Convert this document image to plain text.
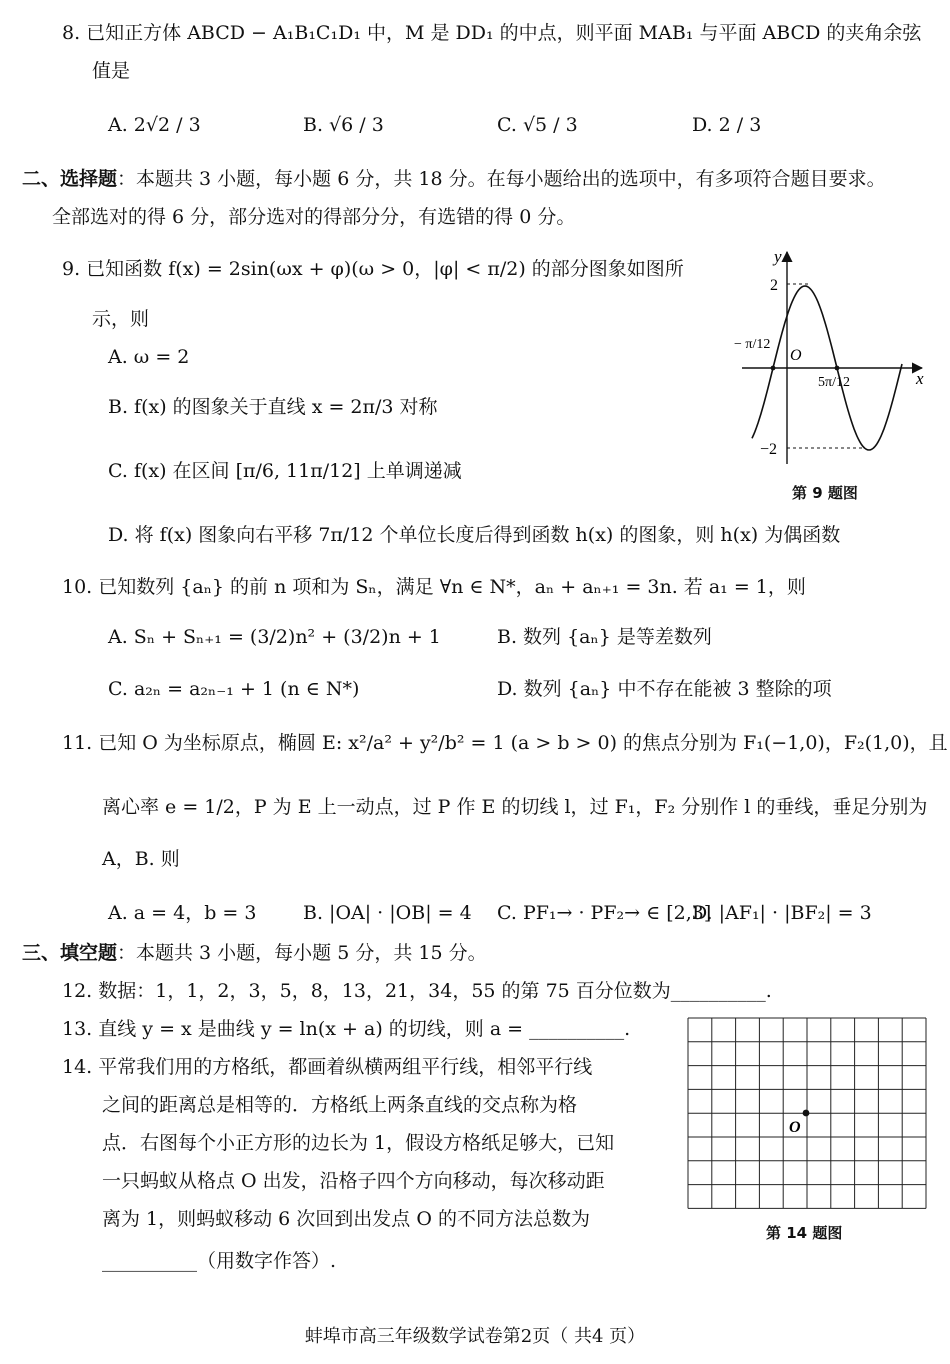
8. 已知正方体 ABCD − A₁B₁C₁D₁ 中，M 是 DD₁ 的中点，则平面 MAB₁ 与平面 ABCD 的夹角余弦
值是
A. 2√2 / 3	B. √6 / 3	C. √5 / 3	D. 2 / 3
二、选择题：本题共 3 小题，每小题 6 分，共 18 分。在每小题给出的选项中，有多项符合题目要求。
全部选对的得 6 分，部分选对的得部分分，有选错的得 0 分。
9. 已知函数 f(x) = 2sin(ωx + φ)(ω > 0，|φ| < π/2) 的部分图象如图所
示，则
A. ω = 2
B. f(x) 的图象关于直线 x = 2π/3 对称
C. f(x) 在区间 [π/6, 11π/12] 上单调递减
D. 将 f(x) 图象向右平移 7π/12 个单位长度后得到函数 h(x) 的图象，则 h(x) 为偶函数
y
x
O
2
−2
− π/12
5π/12
第 9 题图
10. 已知数列 {aₙ} 的前 n 项和为 Sₙ，满足 ∀n ∈ N*，aₙ + aₙ₊₁ = 3n. 若 a₁ = 1，则
A. Sₙ + Sₙ₊₁ = (3/2)n² + (3/2)n + 1	B. 数列 {aₙ} 是等差数列
C. a₂ₙ = a₂ₙ₋₁ + 1 (n ∈ N*)	D. 数列 {aₙ} 中不存在能被 3 整除的项
11. 已知 O 为坐标原点，椭圆 E: x²/a² + y²/b² = 1 (a > b > 0) 的焦点分别为 F₁(−1,0)，F₂(1,0)，且
离心率 e = 1/2，P 为 E 上一动点，过 P 作 E 的切线 l，过 F₁，F₂ 分别作 l 的垂线，垂足分别为
A，B. 则
A. a = 4，b = 3 B. |OA| · |OB| = 4 C. PF₁→ · PF₂→ ∈ [2,3]
D. |AF₁| · |BF₂| = 3
三、填空题：本题共 3 小题，每小题 5 分，共 15 分。
12. 数据：1，1，2，3，5，8，13，21，34，55 的第 75 百分位数为__________.
13. 直线 y = x 是曲线 y = ln(x + a) 的切线，则 a = __________.
14. 平常我们用的方格纸，都画着纵横两组平行线，相邻平行线
之间的距离总是相等的．方格纸上两条直线的交点称为格
点．右图每个小正方形的边长为 1，假设方格纸足够大，已知
一只蚂蚁从格点 O 出发，沿格子四个方向移动，每次移动距
离为 1，则蚂蚁移动 6 次回到出发点 O 的不同方法总数为
__________（用数字作答）.
O
第 14 题图
蚌埠市高三年级数学试卷第2页（ 共4 页）
